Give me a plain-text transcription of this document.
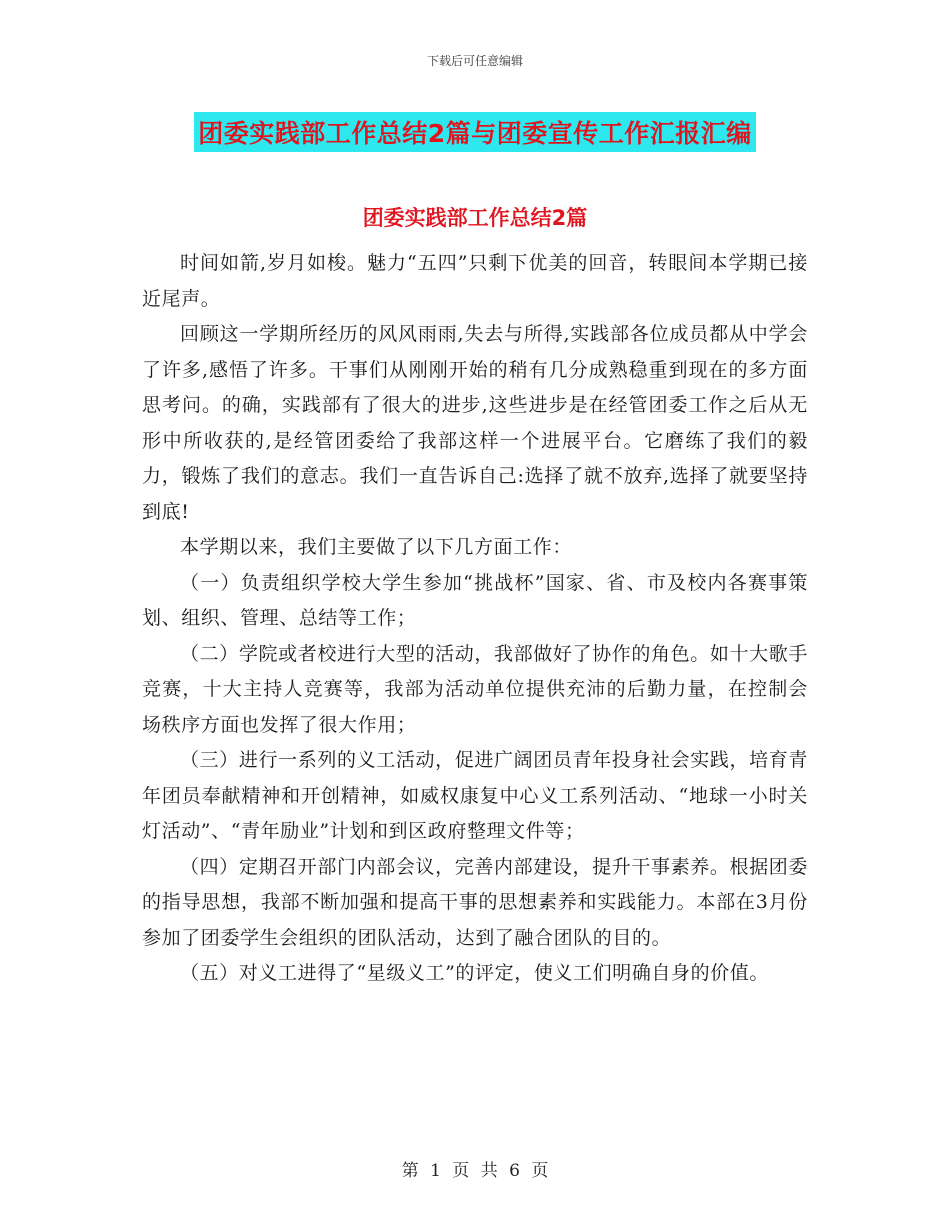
下载后可任意编辑
团委实践部工作总结2篇与团委宣传工作汇报汇编
团委实践部工作总结2篇

时间如箭,岁月如梭。魅力“五四”只剩下优美的回音，转眼间本学期已接近尾声。

回顾这一学期所经历的风风雨雨,失去与所得,实践部各位成员都从中学会了许多,感悟了许多。干事们从刚刚开始的稍有几分成熟稳重到现在的多方面思考问。的确，实践部有了很大的进步,这些进步是在经管团委工作之后从无形中所收获的,是经管团委给了我部这样一个进展平台。它磨练了我们的毅力，锻炼了我们的意志。我们一直告诉自己:选择了就不放弃,选择了就要坚持到底!

本学期以来，我们主要做了以下几方面工作：

（一）负责组织学校大学生参加“挑战杯”国家、省、市及校内各赛事策划、组织、管理、总结等工作；

（二）学院或者校进行大型的活动，我部做好了协作的角色。如十大歌手竞赛，十大主持人竞赛等，我部为活动单位提供充沛的后勤力量，在控制会场秩序方面也发挥了很大作用；

（三）进行一系列的义工活动，促进广阔团员青年投身社会实践，培育青年团员奉献精神和开创精神，如威权康复中心义工系列活动、“地球一小时关灯活动”、“青年励业”计划和到区政府整理文件等；

（四）定期召开部门内部会议，完善内部建设，提升干事素养。根据团委的指导思想，我部不断加强和提高干事的思想素养和实践能力。本部在3月份参加了团委学生会组织的团队活动，达到了融合团队的目的。

（五）对义工进得了“星级义工”的评定，使义工们明确自身的价值。

第 1 页 共 6 页
